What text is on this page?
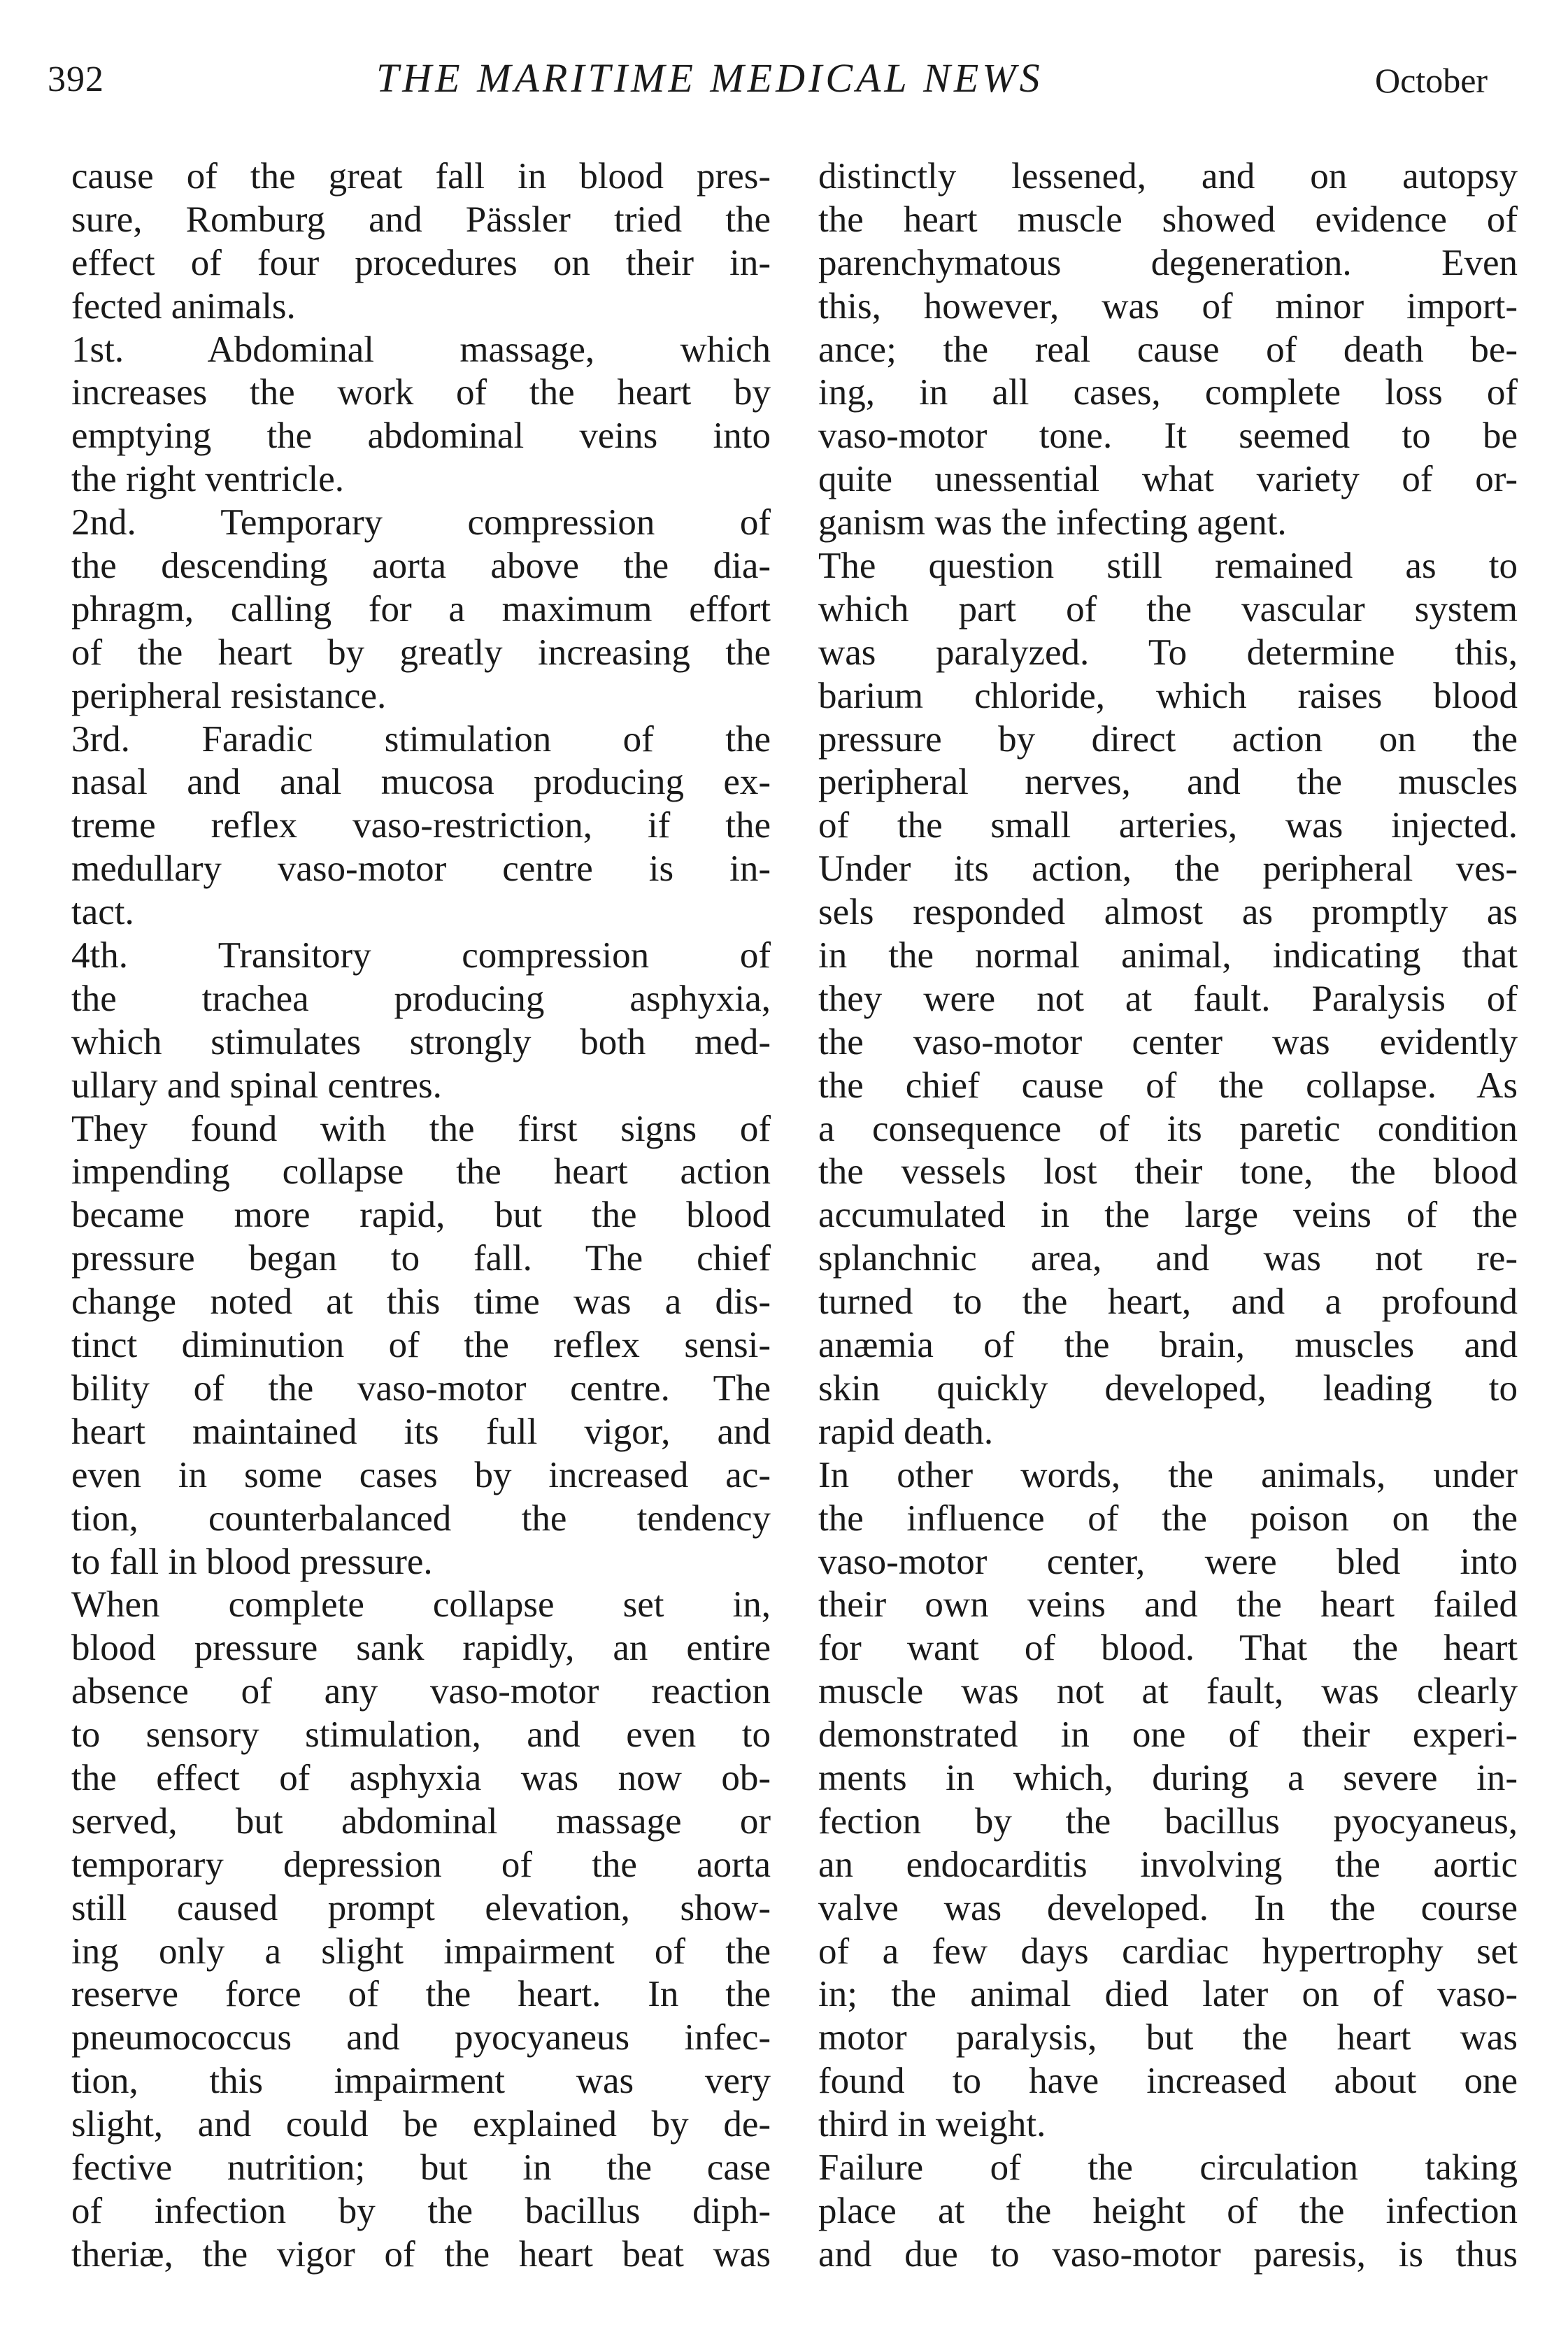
392	THE MARITIME MEDICAL NEWS	October
cause of the great fall in blood pres-
sure, Romburg and Pässler tried the
effect of four procedures on their in-
fected animals.
1st. Abdominal massage, which
increases the work of the heart by
emptying the abdominal veins into
the right ventricle.
2nd. Temporary compression of
the descending aorta above the dia-
phragm, calling for a maximum effort
of the heart by greatly increasing the
peripheral resistance.
3rd. Faradic stimulation of the
nasal and anal mucosa producing ex-
treme reflex vaso-restriction, if the
medullary vaso-motor centre is in-
tact.
4th. Transitory compression of
the trachea producing asphyxia,
which stimulates strongly both med-
ullary and spinal centres.
They found with the first signs of
impending collapse the heart action
became more rapid, but the blood
pressure began to fall. The chief
change noted at this time was a dis-
tinct diminution of the reflex sensi-
bility of the vaso-motor centre. The
heart maintained its full vigor, and
even in some cases by increased ac-
tion, counterbalanced the tendency
to fall in blood pressure.
When complete collapse set in,
blood pressure sank rapidly, an entire
absence of any vaso-motor reaction
to sensory stimulation, and even to
the effect of asphyxia was now ob-
served, but abdominal massage or
temporary depression of the aorta
still caused prompt elevation, show-
ing only a slight impairment of the
reserve force of the heart. In the
pneumococcus and pyocyaneus infec-
tion, this impairment was very
slight, and could be explained by de-
fective nutrition; but in the case
of infection by the bacillus diph-
theriæ, the vigor of the heart beat was
distinctly lessened, and on autopsy
the heart muscle showed evidence of
parenchymatous degeneration. Even
this, however, was of minor import-
ance; the real cause of death be-
ing, in all cases, complete loss of
vaso-motor tone. It seemed to be
quite unessential what variety of or-
ganism was the infecting agent.
The question still remained as to
which part of the vascular system
was paralyzed. To determine this,
barium chloride, which raises blood
pressure by direct action on the
peripheral nerves, and the muscles
of the small arteries, was injected.
Under its action, the peripheral ves-
sels responded almost as promptly as
in the normal animal, indicating that
they were not at fault. Paralysis of
the vaso-motor center was evidently
the chief cause of the collapse. As
a consequence of its paretic condition
the vessels lost their tone, the blood
accumulated in the large veins of the
splanchnic area, and was not re-
turned to the heart, and a profound
anæmia of the brain, muscles and
skin quickly developed, leading to
rapid death.
In other words, the animals, under
the influence of the poison on the
vaso-motor center, were bled into
their own veins and the heart failed
for want of blood. That the heart
muscle was not at fault, was clearly
demonstrated in one of their experi-
ments in which, during a severe in-
fection by the bacillus pyocyaneus,
an endocarditis involving the aortic
valve was developed. In the course
of a few days cardiac hypertrophy set
in; the animal died later on of vaso-
motor paralysis, but the heart was
found to have increased about one
third in weight.
Failure of the circulation taking
place at the height of the infection
and due to vaso-motor paresis, is thus
